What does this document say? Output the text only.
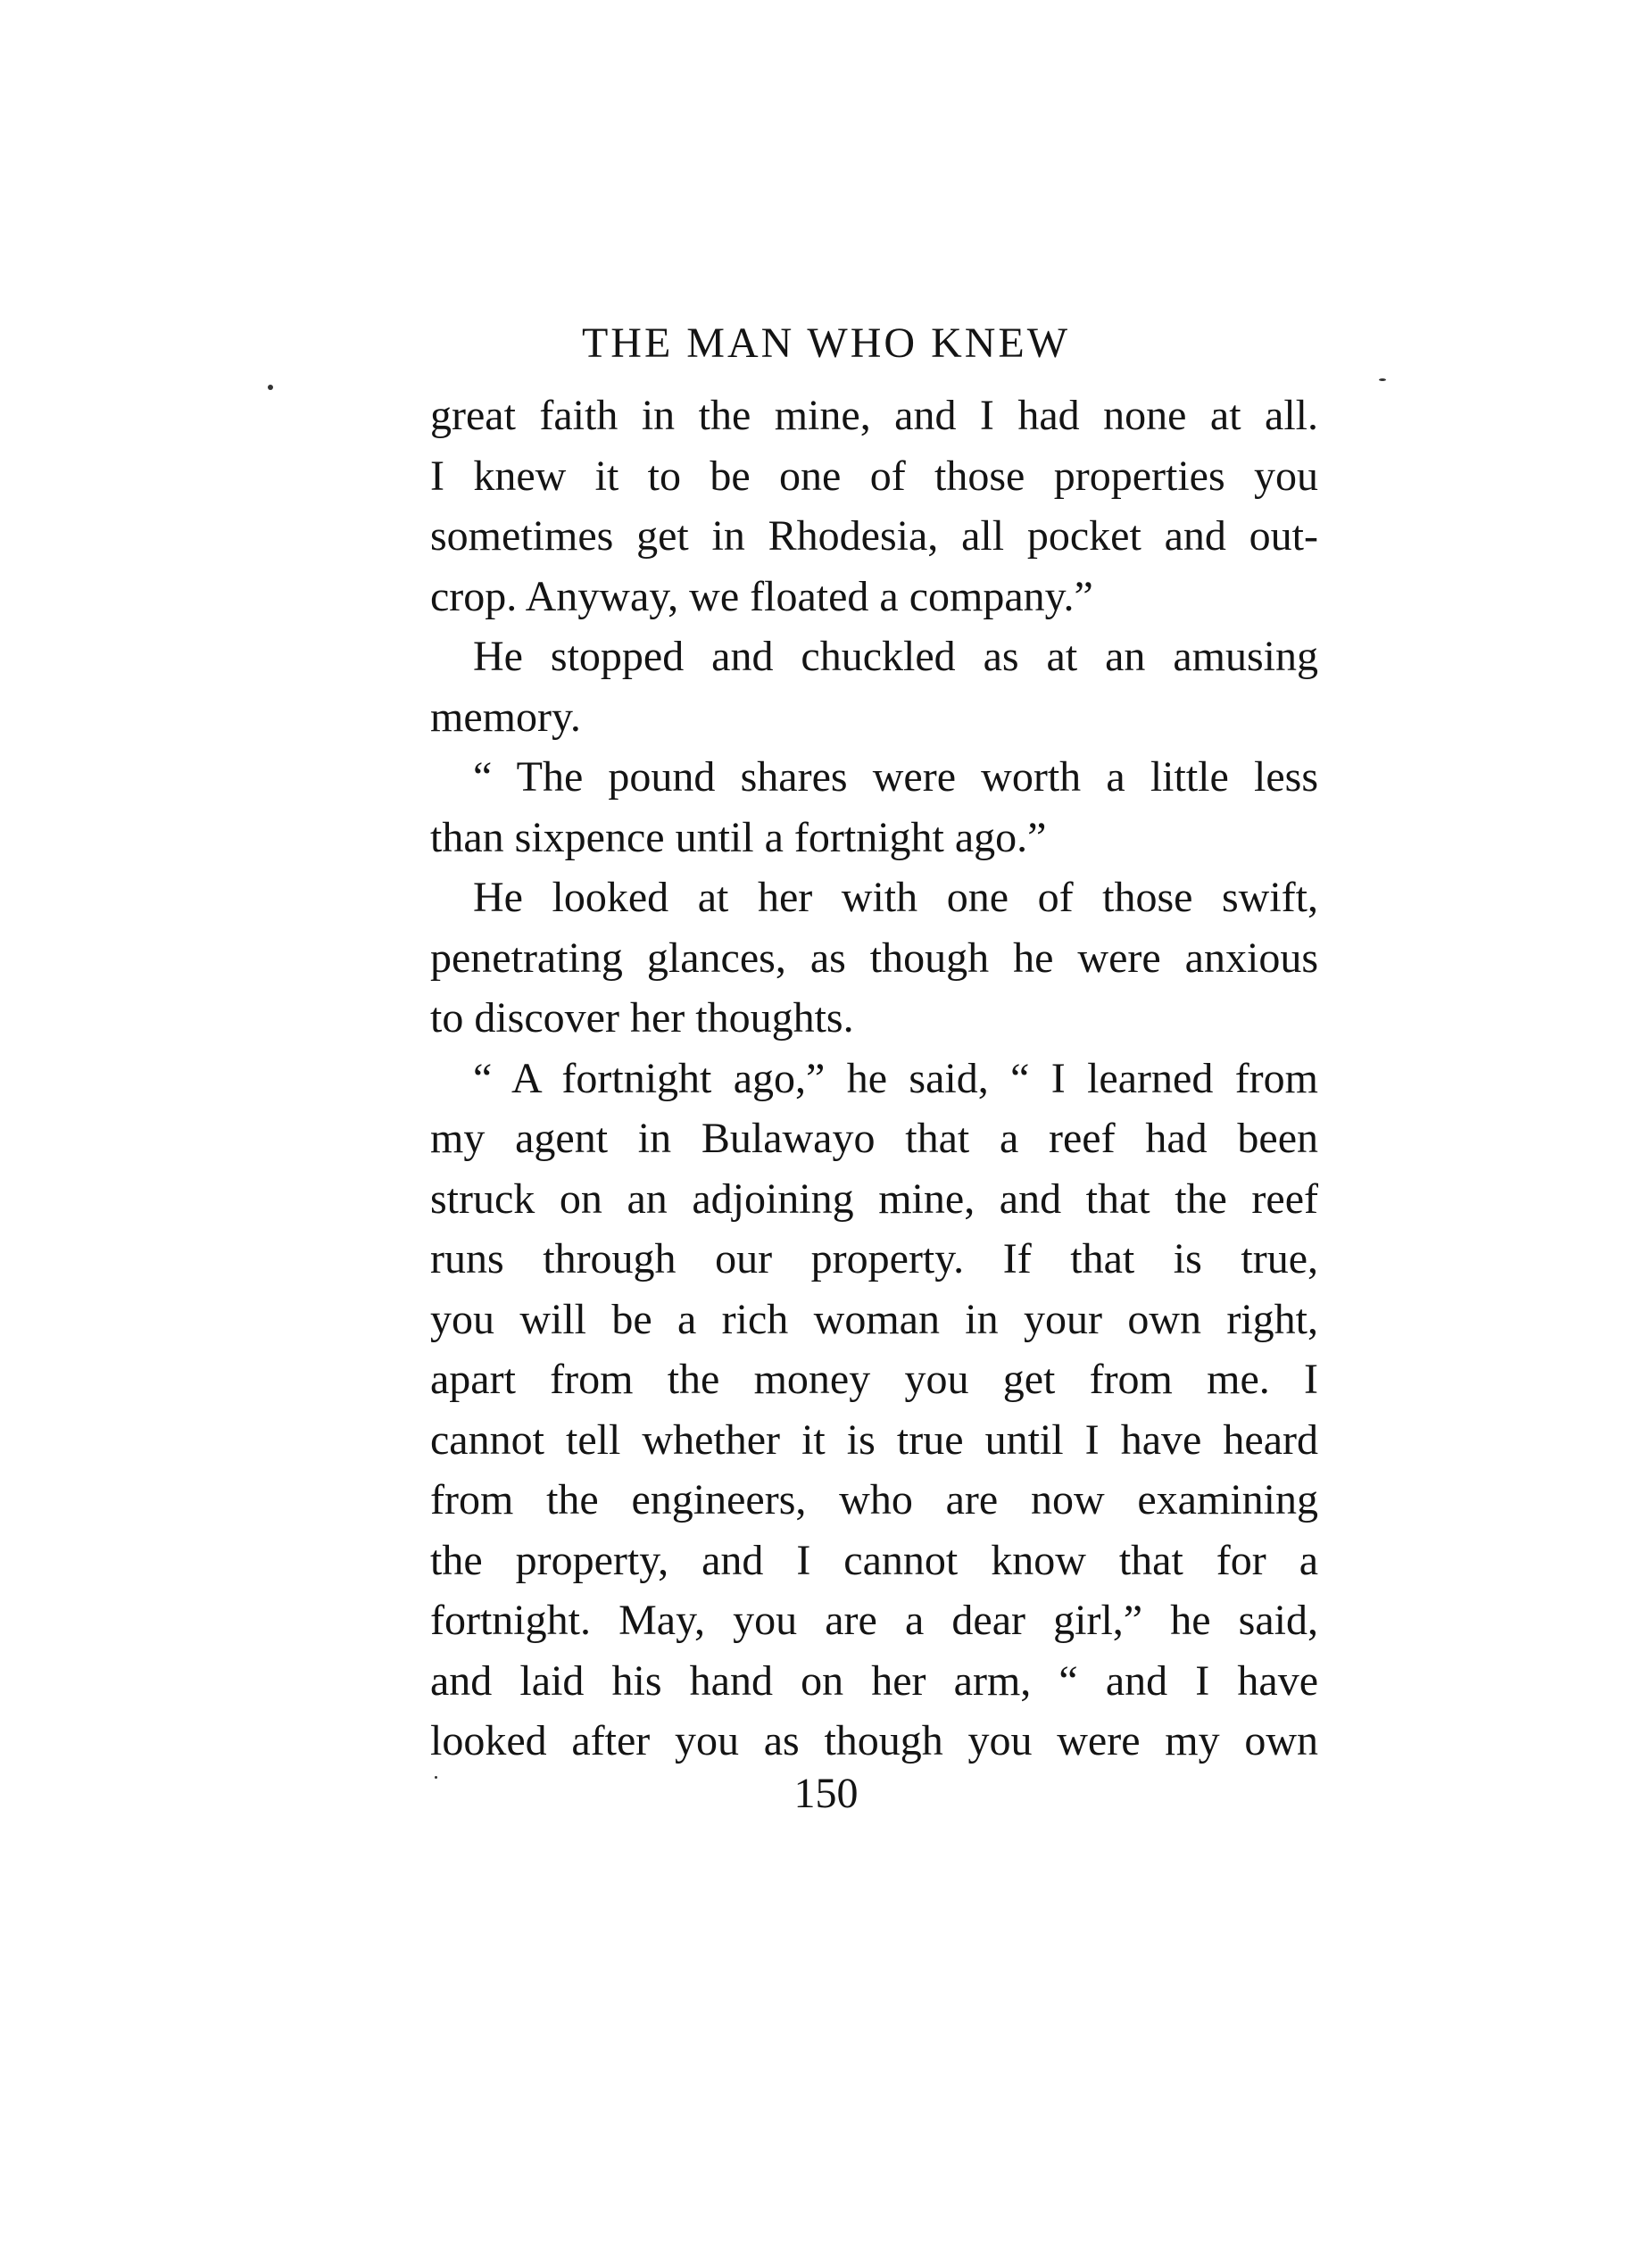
THE MAN WHO KNEW
great faith in the mine, and I had none at all.
I knew it to be one of those properties you
sometimes get in Rhodesia, all pocket and out-
crop. Anyway, we floated a company.”
He stopped and chuckled as at an amusing
memory.
“ The pound shares were worth a little less
than sixpence until a fortnight ago.”
He looked at her with one of those swift,
penetrating glances, as though he were anxious
to discover her thoughts.
“ A fortnight ago,” he said, “ I learned from
my agent in Bulawayo that a reef had been
struck on an adjoining mine, and that the reef
runs through our property. If that is true,
you will be a rich woman in your own right,
apart from the money you get from me. I
cannot tell whether it is true until I have heard
from the engineers, who are now examining
the property, and I cannot know that for a
fortnight. May, you are a dear girl,” he said,
and laid his hand on her arm, “ and I have
looked after you as though you were my own
150
